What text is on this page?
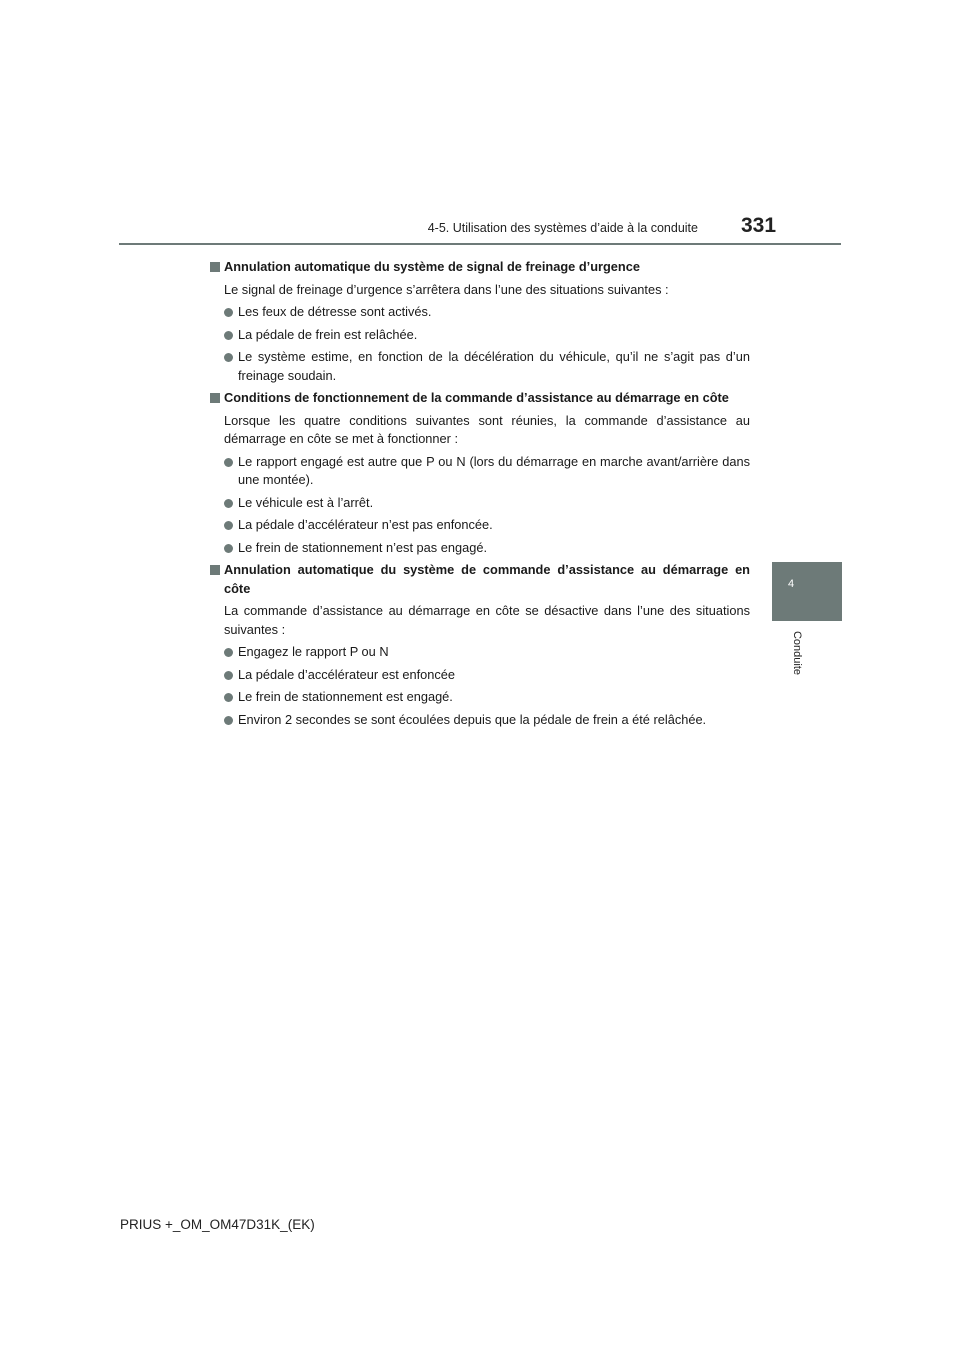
4-5. Utilisation des systèmes d’aide à la conduite 331
4
Conduite
Annulation automatique du système de signal de freinage d’urgence
Le signal de freinage d’urgence s’arrêtera dans l’une des situations suivantes :
Les feux de détresse sont activés.
La pédale de frein est relâchée.
Le système estime, en fonction de la décélération du véhicule, qu’il ne s’agit pas d’un freinage soudain.
Conditions de fonctionnement de la commande d’assistance au démarrage en côte
Lorsque les quatre conditions suivantes sont réunies, la commande d’assistance au démarrage en côte se met à fonctionner :
Le rapport engagé est autre que P ou N (lors du démarrage en marche avant/arrière dans une montée).
Le véhicule est à l’arrêt.
La pédale d’accélérateur n’est pas enfoncée.
Le frein de stationnement n’est pas engagé.
Annulation automatique du système de commande d’assistance au démarrage en côte
La commande d’assistance au démarrage en côte se désactive dans l’une des situations suivantes :
Engagez le rapport P ou N
La pédale d’accélérateur est enfoncée
Le frein de stationnement est engagé.
Environ 2 secondes se sont écoulées depuis que la pédale de frein a été relâchée.
PRIUS +_OM_OM47D31K_(EK)
